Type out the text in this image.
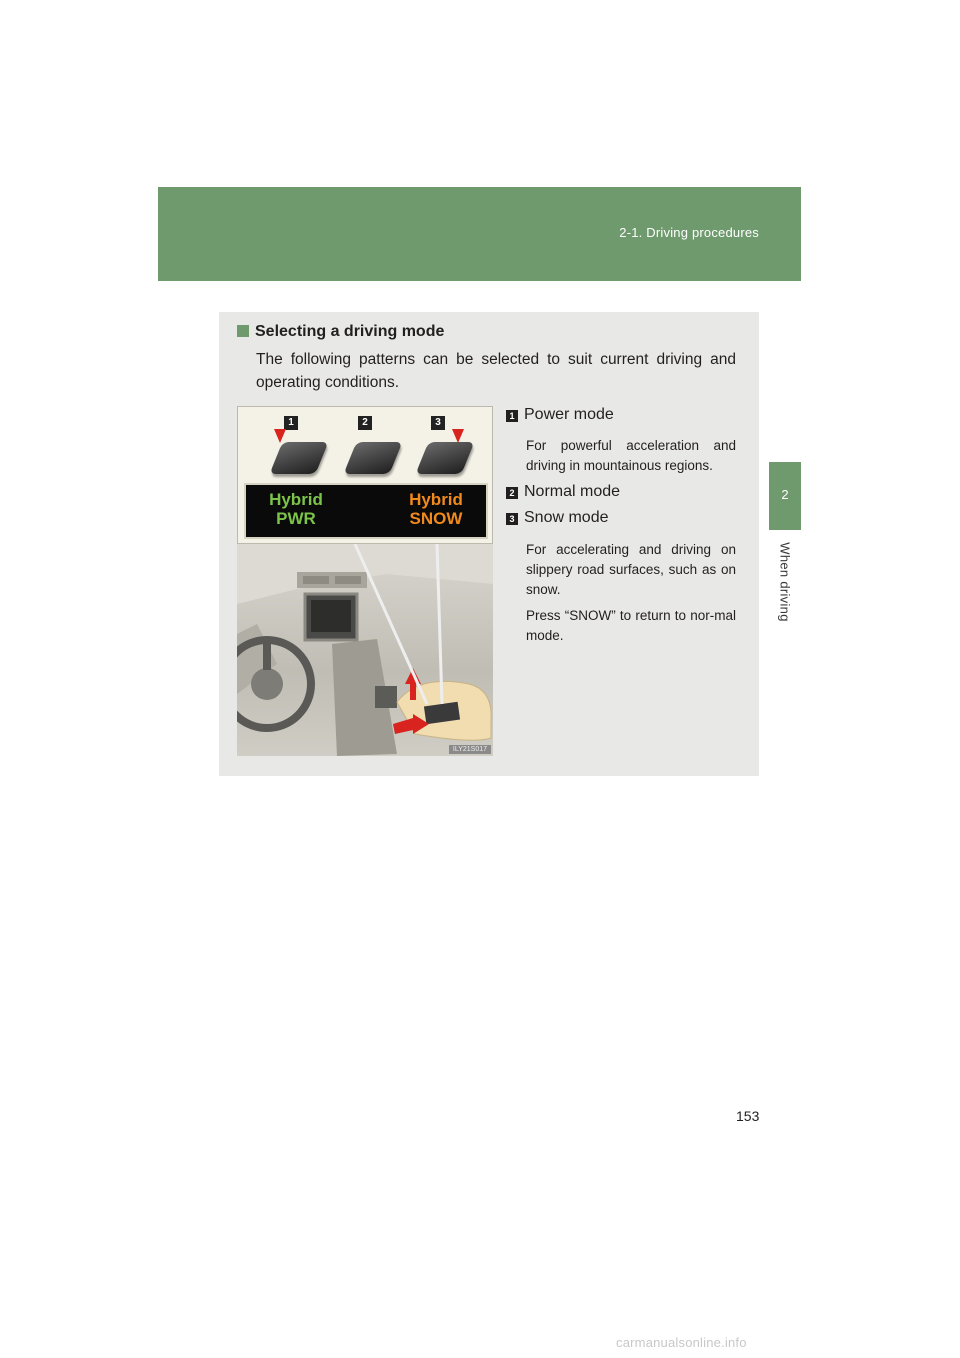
2-1. Driving procedures
2
When driving
Selecting a driving mode
The following patterns can be selected to suit current driving and operating conditions.
1	2	3
Hybrid PWR
Hybrid SNOW
ILY21S017
1 Power mode
For powerful acceleration and driving in mountainous regions.
2 Normal mode
3 Snow mode
For accelerating and driving on slippery road surfaces, such as on snow.
Press “SNOW” to return to nor-mal mode.
153
carmanualsonline.info
